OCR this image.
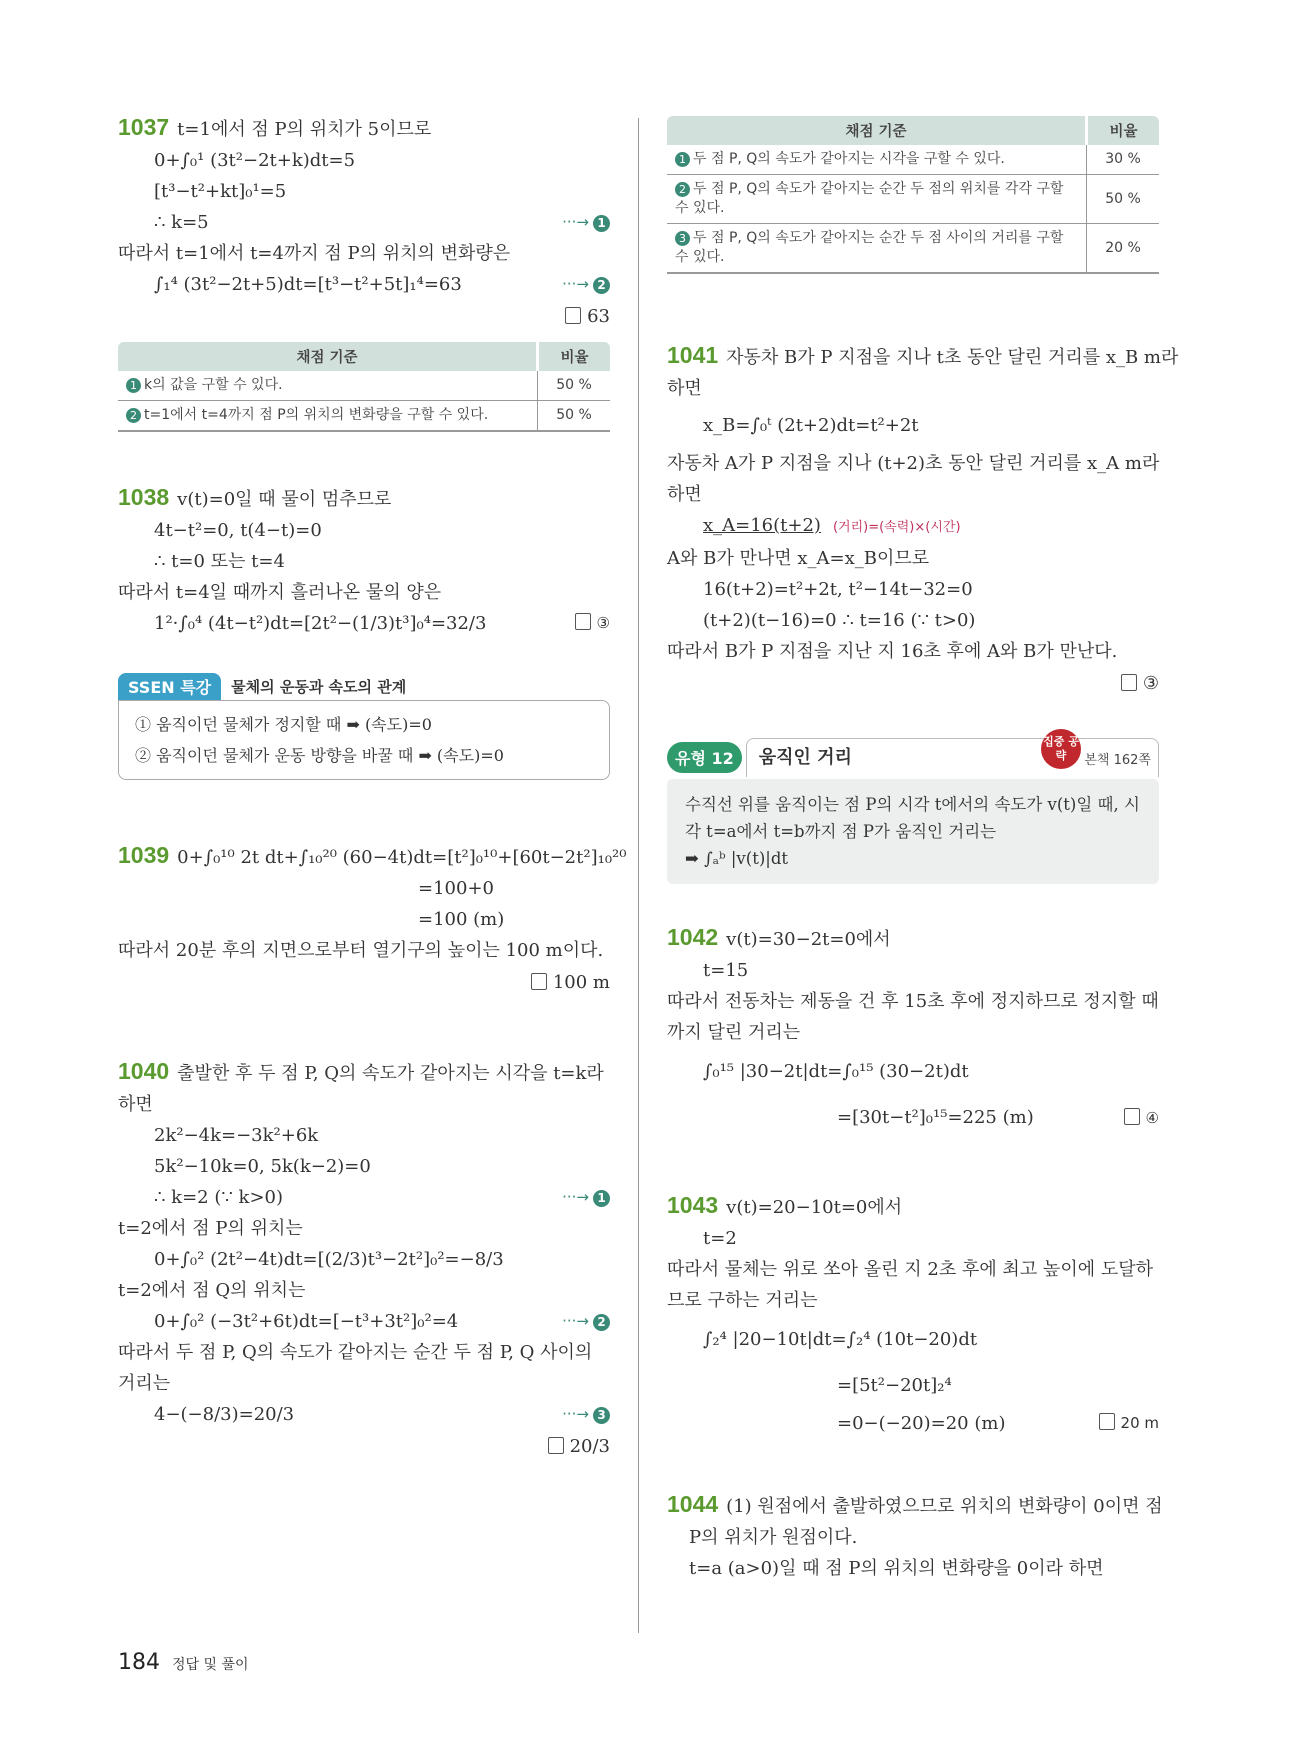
1037 t=1에서 점 P의 위치가 5이므로
0+∫₀¹ (3t²−2t+k)dt=5
[t³−t²+kt]₀¹=5
∴ k=5	···→ 1
따라서 t=1에서 t=4까지 점 P의 위치의 변화량은
∫₁⁴ (3t²−2t+5)dt=[t³−t²+5t]₁⁴=63	···→ 2
63
채점 기준	비율
1 k의 값을 구할 수 있다.	50 %
2 t=1에서 t=4까지 점 P의 위치의 변화량을 구할 수 있다.	50 %
1038 v(t)=0일 때 물이 멈추므로
4t−t²=0, t(4−t)=0
∴ t=0 또는 t=4
따라서 t=4일 때까지 흘러나온 물의 양은
1²·∫₀⁴ (4t−t²)dt=[2t²−(1/3)t³]₀⁴=32/3	③
SSEN 특강	물체의 운동과 속도의 관계
① 움직이던 물체가 정지할 때 ➡ (속도)=0
② 움직이던 물체가 운동 방향을 바꿀 때 ➡ (속도)=0
1039 0+∫₀¹⁰ 2t dt+∫₁₀²⁰ (60−4t)dt=[t²]₀¹⁰+[60t−2t²]₁₀²⁰
=100+0
=100 (m)
따라서 20분 후의 지면으로부터 열기구의 높이는 100 m이다.
100 m
1040 출발한 후 두 점 P, Q의 속도가 같아지는 시각을 t=k라
하면
2k²−4k=−3k²+6k
5k²−10k=0, 5k(k−2)=0
∴ k=2 (∵ k>0)	···→ 1
t=2에서 점 P의 위치는
0+∫₀² (2t²−4t)dt=[(2/3)t³−2t²]₀²=−8/3
t=2에서 점 Q의 위치는
0+∫₀² (−3t²+6t)dt=[−t³+3t²]₀²=4	···→ 2
따라서 두 점 P, Q의 속도가 같아지는 순간 두 점 P, Q 사이의
거리는
4−(−8/3)=20/3	···→ 3
20/3
채점 기준	비율
1 두 점 P, Q의 속도가 같아지는 시각을 구할 수 있다.	30 %
2 두 점 P, Q의 속도가 같아지는 순간 두 점의 위치를 각각 구할 수 있다.	50 %
3 두 점 P, Q의 속도가 같아지는 순간 두 점 사이의 거리를 구할 수 있다.	20 %
1041 자동차 B가 P 지점을 지나 t초 동안 달린 거리를 x_B m라
하면
x_B=∫₀ᵗ (2t+2)dt=t²+2t
자동차 A가 P 지점을 지나 (t+2)초 동안 달린 거리를 x_A m라
하면
x_A=16(t+2) (거리)=(속력)×(시간)
A와 B가 만나면 x_A=x_B이므로
16(t+2)=t²+2t, t²−14t−32=0
(t+2)(t−16)=0 ∴ t=16 (∵ t>0)
따라서 B가 P 지점을 지난 지 16초 후에 A와 B가 만난다.
③
유형 12	움직인 거리
집중 공략	본책 162쪽
수직선 위를 움직이는 점 P의 시각 t에서의 속도가 v(t)일 때, 시
각 t=a에서 t=b까지 점 P가 움직인 거리는
➡ ∫ₐᵇ |v(t)|dt
1042 v(t)=30−2t=0에서
t=15
따라서 전동차는 제동을 건 후 15초 후에 정지하므로 정지할 때
까지 달린 거리는
∫₀¹⁵ |30−2t|dt=∫₀¹⁵ (30−2t)dt
=[30t−t²]₀¹⁵=225 (m)	④
1043 v(t)=20−10t=0에서
t=2
따라서 물체는 위로 쏘아 올린 지 2초 후에 최고 높이에 도달하
므로 구하는 거리는
∫₂⁴ |20−10t|dt=∫₂⁴ (10t−20)dt
=[5t²−20t]₂⁴
=0−(−20)=20 (m)	20 m
1044 (1) 원점에서 출발하였으므로 위치의 변화량이 0이면 점
P의 위치가 원점이다.
t=a (a>0)일 때 점 P의 위치의 변화량을 0이라 하면
184 정답 및 풀이
